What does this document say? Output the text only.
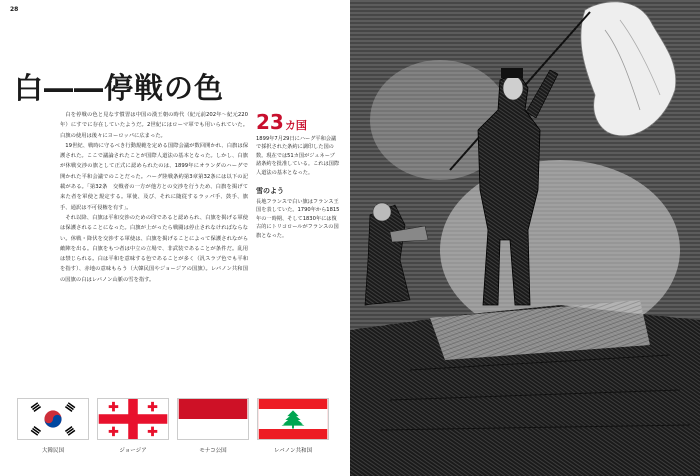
28
白――停戦の色

白を停戦の色と見なす慣習は中国の漢王朝の時代（紀元前202年～紀元220年）にすでに存在していたようだ。2世紀にはローマ軍でも用いられていた。白旗の使用は後々にヨーロッパに広まった。

19世紀、戦時に守るべき行動規範を定める国際会議が数回開かれ、白旗は保護された。ここで議論されたことが国際人道法の基本となった。しかし、白旗が休戦交渉の旗として正式に認められたのは、1899年にオランダのハーグで開かれた平和会議でのことだった。ハーグ陸戦条約第3章第32条には以下の記載がある。「第32条　交戦者の一方が他方との交渉を行うため、白旗を掲げて来た者を軍使と規定する。軍使、及び、それに随従するラッパ手、鼓手、旗手、通訳は不可侵権を有す」。

それ以降、白旗は平和交渉のための印であると認められ、白旗を掲げる軍使は保護されることになった。白旗が上がったら戦闘は停止されなければならない。休戦・降伏を交渉する軍使は、白旗を掲げることによって保護されながら敵陣を出る。白旗をもつ者は中立の立場で、非武装であることが条件だ。乱用は禁じられる。白は平和を意味する色であることが多く（汎スラブ色でも平和を指す）、赤地の意味もらう（大韓民国やジョージアの国旗）。レバノン共和国の国旗の白はレバノン山脈の雪を指す。

23 カ国
1899年7月29日にハーグ平和会議で採択された条約に調印した国の数。現在では51カ国がジュネーブ諸条約を批准している。これは国際人道法の基本となった。
雪のよう
長地フランスで白い旗はフランス王国を表していた。1790年から1815年の一時期、そして1830年には復古的にトリコロールがフランスの国旗となった。
大韓民国	ジョージア	モナコ公国	レバノン共和国
